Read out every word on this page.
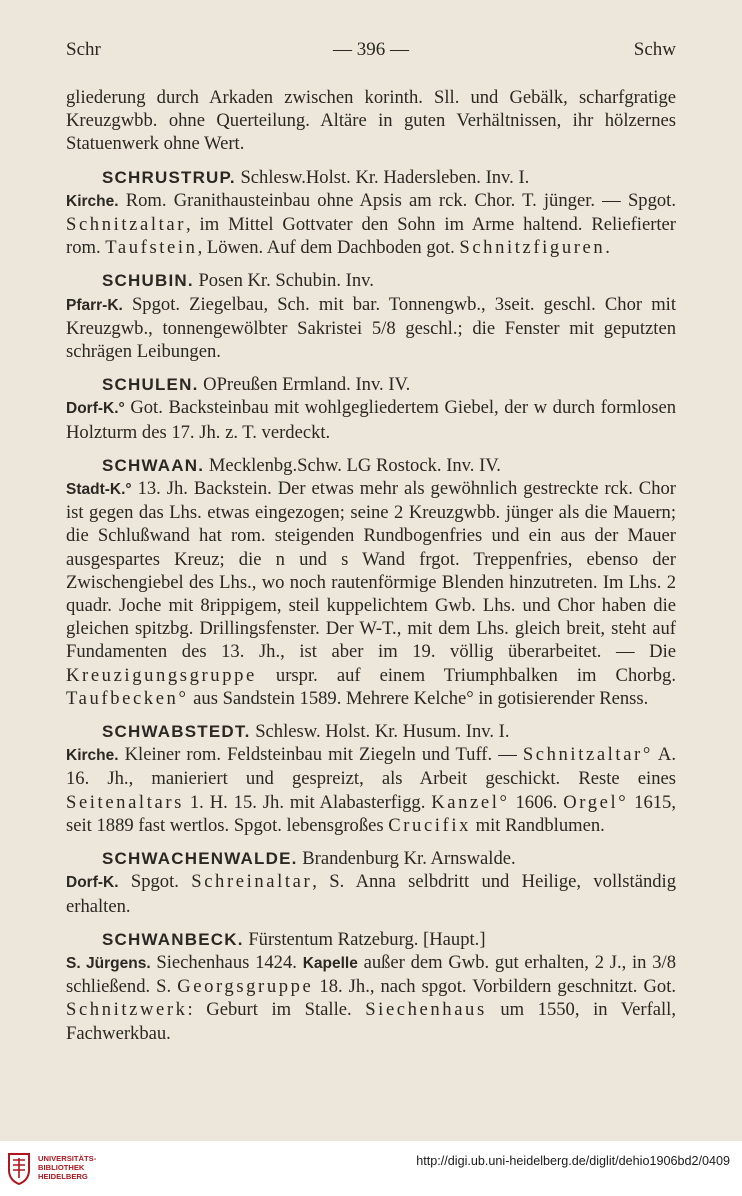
Schr	— 396 —	Schw

gliederung durch Arkaden zwischen korinth. Sll. und Gebälk, scharfgratige Kreuzgwbb. ohne Querteilung. Altäre in guten Verhältnissen, ihr hölzernes Statuenwerk ohne Wert.

SCHRUSTRUP. Schlesw.Holst. Kr. Hadersleben. Inv. I.

Kirche. Rom. Granithausteinbau ohne Apsis am rck. Chor. T. jünger. — Spgot. Schnitzaltar, im Mittel Gottvater den Sohn im Arme haltend. Reliefierter rom. Taufstein, Löwen. Auf dem Dachboden got. Schnitzfiguren.

SCHUBIN. Posen Kr. Schubin. Inv.

Pfarr-K. Spgot. Ziegelbau, Sch. mit bar. Tonnengwb., 3seit. geschl. Chor mit Kreuzgwb., tonnengewölbter Sakristei 5/8 geschl.; die Fenster mit geputzten schrägen Leibungen.

SCHULEN. OPreußen Ermland. Inv. IV.

Dorf-K.° Got. Backsteinbau mit wohlgegliedertem Giebel, der w durch formlosen Holzturm des 17. Jh. z. T. verdeckt.

SCHWAAN. Mecklenbg.Schw. LG Rostock. Inv. IV.

Stadt-K.° 13. Jh. Backstein. Der etwas mehr als gewöhnlich gestreckte rck. Chor ist gegen das Lhs. etwas eingezogen; seine 2 Kreuzgwbb. jünger als die Mauern; die Schlußwand hat rom. steigenden Rundbogenfries und ein aus der Mauer ausgespartes Kreuz; die n und s Wand frgot. Treppenfries, ebenso der Zwischengiebel des Lhs., wo noch rautenförmige Blenden hinzutreten. Im Lhs. 2 quadr. Joche mit 8rippigem, steil kuppelichtem Gwb. Lhs. und Chor haben die gleichen spitzbg. Drillingsfenster. Der W-T., mit dem Lhs. gleich breit, steht auf Fundamenten des 13. Jh., ist aber im 19. völlig überarbeitet. — Die Kreuzigungsgruppe urspr. auf einem Triumphbalken im Chorbg. Taufbecken° aus Sandstein 1589. Mehrere Kelche° in gotisierender Renss.

SCHWABSTEDT. Schlesw. Holst. Kr. Husum. Inv. I.

Kirche. Kleiner rom. Feldsteinbau mit Ziegeln und Tuff. — Schnitzaltar° A. 16. Jh., manieriert und gespreizt, als Arbeit geschickt. Reste eines Seitenaltars 1. H. 15. Jh. mit Alabasterfigg. Kanzel° 1606. Orgel° 1615, seit 1889 fast wertlos. Spgot. lebensgroßes Crucifix mit Randblumen.

SCHWACHENWALDE. Brandenburg Kr. Arnswalde.

Dorf-K. Spgot. Schreinaltar, S. Anna selbdritt und Heilige, vollständig erhalten.

SCHWANBECK. Fürstentum Ratzeburg. [Haupt.]

S. Jürgens. Siechenhaus 1424. Kapelle außer dem Gwb. gut erhalten, 2 J., in 3/8 schließend. S. Georgsgruppe 18. Jh., nach spgot. Vorbildern geschnitzt. Got. Schnitzwerk: Geburt im Stalle. Siechenhaus um 1550, in Verfall, Fachwerkbau.

UNIVERSITÄTS-
BIBLIOTHEK
HEIDELBERG
http://digi.ub.uni-heidelberg.de/diglit/dehio1906bd2/0409
